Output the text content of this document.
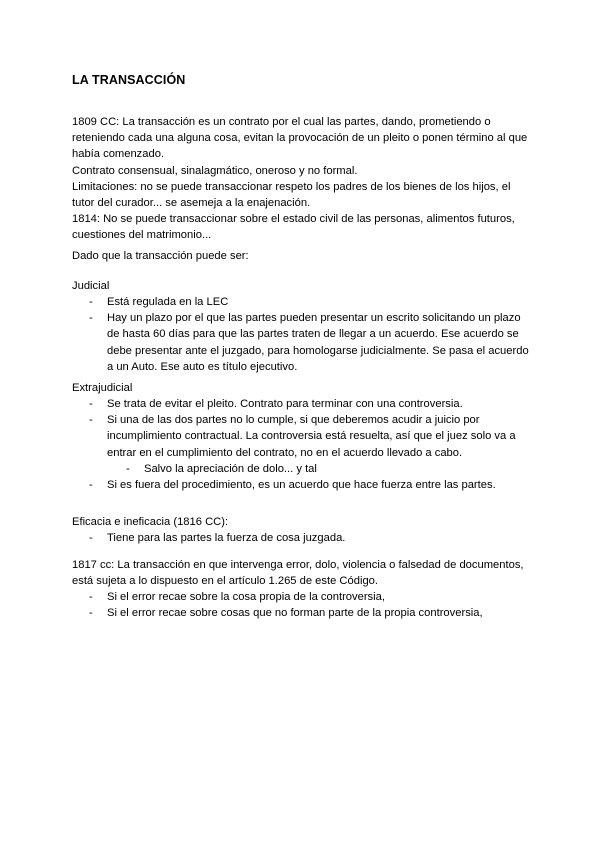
LA TRANSACCIÓN
1809 CC: La transacción es un contrato por el cual las partes, dando, prometiendo o
reteniendo cada una alguna cosa, evitan la provocación de un pleito o ponen término al que
había comenzado.
Contrato consensual, sinalagmático, oneroso y no formal.
Limitaciones: no se puede transaccionar respeto los padres de los bienes de los hijos, el
tutor del curador... se asemeja a la enajenación.
1814: No se puede transaccionar sobre el estado civil de las personas, alimentos futuros,
cuestiones del matrimonio...
Dado que la transacción puede ser:
Judicial
- Está regulada en la LEC
- Hay un plazo por el que las partes pueden presentar un escrito solicitando un plazo
de hasta 60 días para que las partes traten de llegar a un acuerdo. Ese acuerdo se
debe presentar ante el juzgado, para homologarse judicialmente. Se pasa el acuerdo
a un Auto. Ese auto es título ejecutivo.
Extrajudicial
- Se trata de evitar el pleito. Contrato para terminar con una controversia.
- Si una de las dos partes no lo cumple, si que deberemos acudir a juicio por
incumplimiento contractual. La controversia está resuelta, así que el juez solo va a
entrar en el cumplimiento del contrato, no en el acuerdo llevado a cabo.
- Salvo la apreciación de dolo... y tal
- Si es fuera del procedimiento, es un acuerdo que hace fuerza entre las partes.
Eficacia e ineficacia (1816 CC):
- Tiene para las partes la fuerza de cosa juzgada.
1817 cc: La transacción en que intervenga error, dolo, violencia o falsedad de documentos,
está sujeta a lo dispuesto en el artículo 1.265 de este Código.
- Si el error recae sobre la cosa propia de la controversia,
- Si el error recae sobre cosas que no forman parte de la propia controversia,
